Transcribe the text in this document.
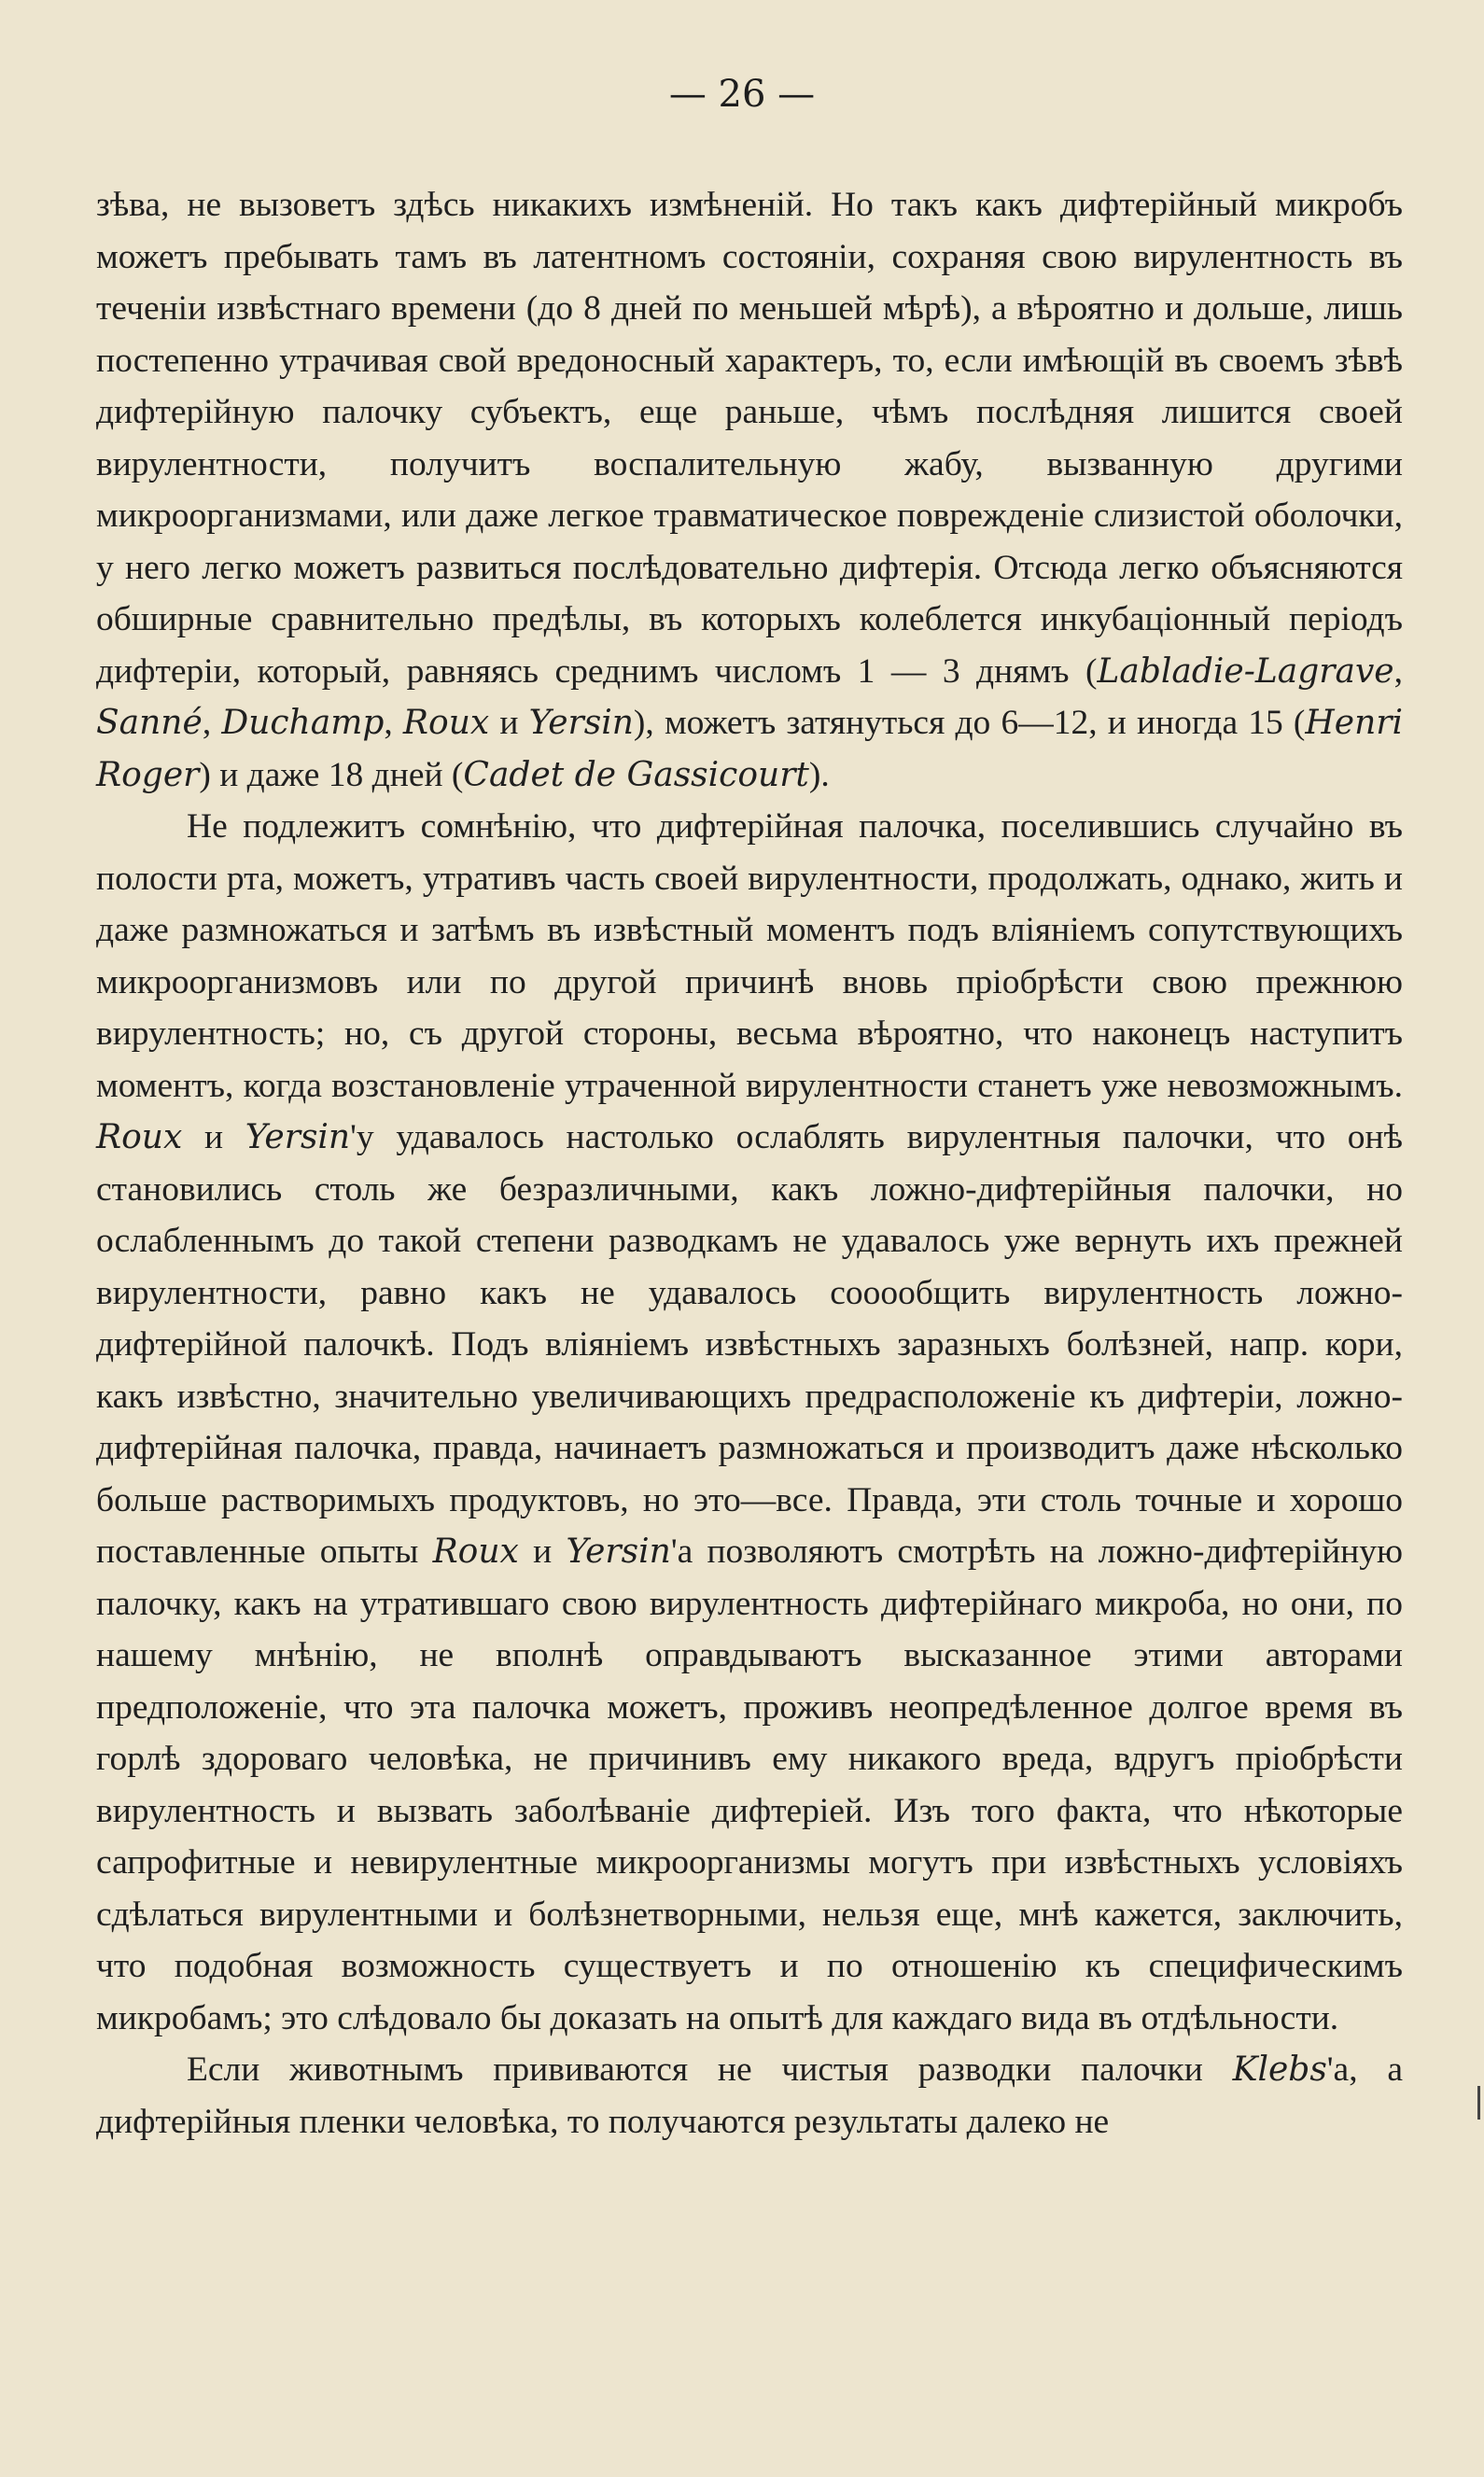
— 26 —

зѣва, не вызоветъ здѣсь никакихъ измѣненій. Но такъ какъ дифтерійный микробъ можетъ пребывать тамъ въ латентномъ состояніи, сохраняя свою вирулентность въ теченіи извѣстнаго времени (до 8 дней по меньшей мѣрѣ), а вѣроятно и дольше, лишь постепенно утрачивая свой вредоносный характеръ, то, если имѣющій въ своемъ зѣвѣ дифтерійную палочку субъектъ, еще раньше, чѣмъ послѣдняя лишится своей вирулентности, получитъ воспалительную жабу, вызванную другими микроорганизмами, или даже легкое травматическое повреждeніе слизистой оболочки, у него легко можетъ развиться послѣдовательно дифтерія. Отсюда легко объясняются обширные сравнительно предѣлы, въ которыхъ колеблется инкубаціонный періодъ дифтеріи, который, равняясь среднимъ числомъ 1 — 3 днямъ (Labladie-Lagrave, Sanné, Duchamp, Roux и Yersin), можетъ затянуться до 6—12, и иногда 15 (Henri Roger) и даже 18 дней (Cadet de Gassicourt).

Не подлежитъ сомнѣнію, что дифтерійная палочка, поселившись случайно въ полости рта, можетъ, утративъ часть своей вирулентности, продолжать, однако, жить и даже размножаться и затѣмъ въ извѣстный моментъ подъ вліяніемъ сопутствующихъ микроорганизмовъ или по другой причинѣ вновь пріобрѣсти свою прежнюю вирулентность; но, съ другой стороны, весьма вѣроятно, что наконецъ наступитъ моментъ, когда возстановленіе утраченной вирулентности станетъ уже невозможнымъ. Roux и Yersin'у удавалось настолько ослаблять вирулентныя палочки, что онѣ становились столь же безразличными, какъ ложно-дифтерійныя палочки, но ослабленнымъ до такой степени разводкамъ не удавалось уже вернуть ихъ прежней вирулентности, равно какъ не удавалось сооообщить вирулентность ложно-дифтерійной палочкѣ. Подъ вліяніемъ извѣстныхъ заразныхъ болѣзней, напр. кори, какъ извѣстно, значительно увеличивающихъ предрасположеніе къ дифтеріи, ложно-дифтерійная палочка, правда, начинаетъ размножаться и производитъ даже нѣсколько больше растворимыхъ продуктовъ, но это—все. Правда, эти столь точные и хорошо поставленные опыты Roux и Yersin'а позволяютъ смотрѣть на ложно-дифтерійную палочку, какъ на утратившаго свою вирулентность дифтерійнаго микроба, но они, по нашему мнѣнію, не вполнѣ оправдываютъ высказанное этими авторами предположеніе, что эта палочка можетъ, проживъ неопредѣленное долгое время въ горлѣ здороваго человѣка, не причинивъ ему никакого вреда, вдругъ пріобрѣсти вирулентность и вызвать заболѣваніе дифтеріей. Изъ того факта, что нѣкоторые сапрофитные и невирулентные микроорганизмы могутъ при извѣстныхъ условіяхъ сдѣлаться вирулентными и болѣзнетворными, нельзя еще, мнѣ кажется, заключить, что подобная возможность существуетъ и по отношенію къ специфическимъ микробамъ; это слѣдовало бы доказать на опытѣ для каждаго вида въ отдѣльности.

Если животнымъ прививаются не чистыя разводки палочки Klebs'а, а дифтерійныя пленки человѣка, то получаются результаты далеко не
